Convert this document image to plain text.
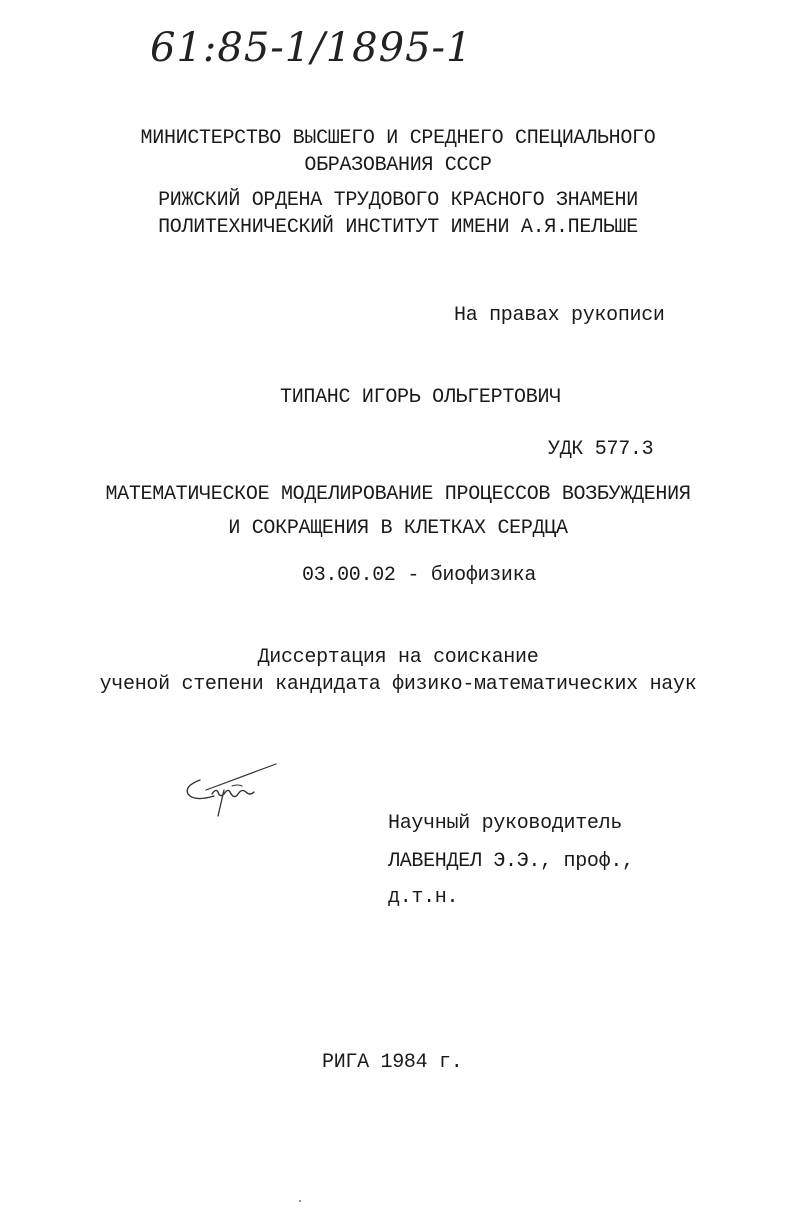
61:85-1/1895-1
МИНИСТЕРСТВО ВЫСШЕГО И СРЕДНЕГО СПЕЦИАЛЬНОГО
ОБРАЗОВАНИЯ СССР
РИЖСКИЙ ОРДЕНА ТРУДОВОГО КРАСНОГО ЗНАМЕНИ
ПОЛИТЕХНИЧЕСКИЙ ИНСТИТУТ ИМЕНИ А.Я.ПЕЛЬШЕ
На правах рукописи
ТИПАНС ИГОРЬ ОЛЬГЕРТОВИЧ
УДК 577.3
МАТЕМАТИЧЕСКОЕ МОДЕЛИРОВАНИЕ ПРОЦЕССОВ ВОЗБУЖДЕНИЯ
И СОКРАЩЕНИЯ В КЛЕТКАХ СЕРДЦА
03.00.02 - биофизика
Диссертация на соискание
ученой степени кандидата физико-математических наук
Научный руководитель
ЛАВЕНДЕЛ Э.Э., проф.,
д.т.н.
РИГА 1984 г.
